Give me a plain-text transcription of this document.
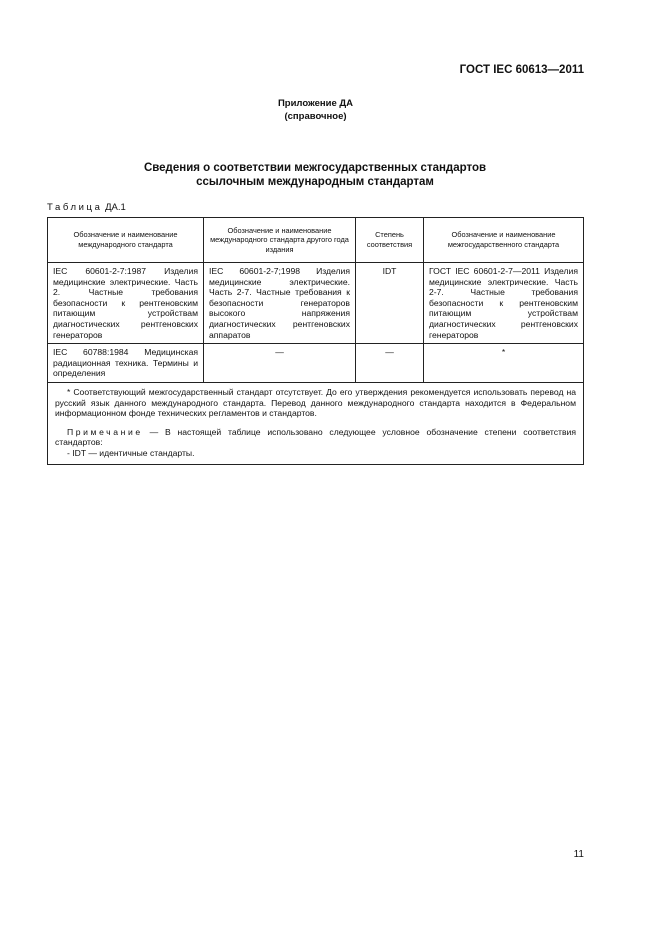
ГОСТ IEC 60613—2011
Приложение ДА
(справочное)
Сведения о соответствии межгосударственных стандартов
ссылочным международным стандартам
Таблица ДА.1
Обозначение и наименование международного стандарта	Обозначение и наименование международного стандарта другого года издания	Степень соответствия	Обозначение и наименование межгосударственного стандарта
IEC 60601-2-7:1987 Изделия медицинские электрические. Часть 2. Частные требования безопасности к рентгеновским питающим устройствам диагностических рентгеновских генераторов	IEC 60601-2-7;1998 Изделия медицинские электрические. Часть 2-7. Частные требования к безопасности генераторов высокого напряжения диагностических рентгеновских аппаратов	IDT	ГОСТ IEC 60601-2-7—2011 Изделия медицинские электрические. Часть 2-7. Частные требования безопасности к рентгеновским питающим устройствам диагностических рентгеновских генераторов
IEC 60788:1984 Медицинская радиационная техника. Термины и определения	—	—	*

* Соответствующий межгосударственный стандарт отсутствует. До его утверждения рекомендуется использовать перевод на русский язык данного международного стандарта. Перевод данного международного стандарта находится в Федеральном информационном фонде технических регламентов и стандартов.

Примечание — В настоящей таблице использовано следующее условное обозначение степени соответствия стандартов:

- IDT — идентичные стандарты.			

11
